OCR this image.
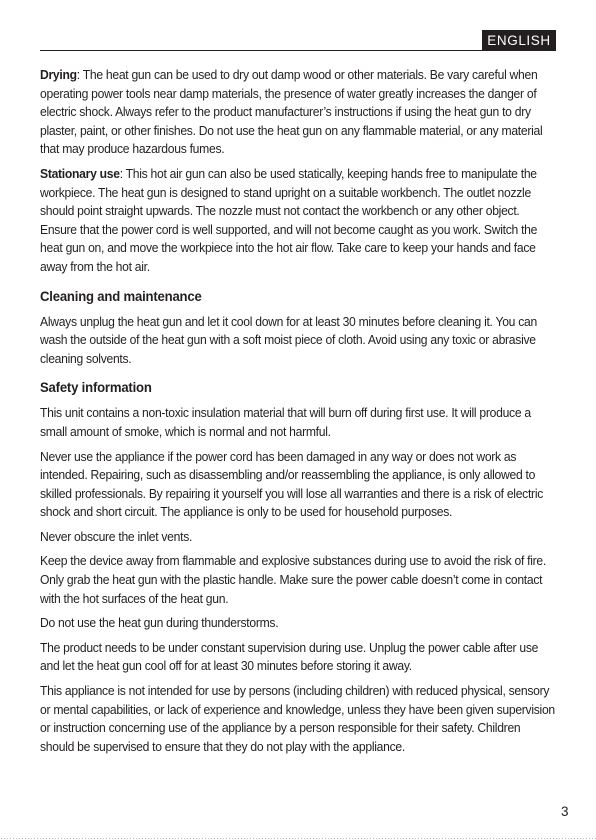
ENGLISH

Drying: The heat gun can be used to dry out damp wood or other materials. Be vary careful when operating power tools near damp materials, the presence of water greatly increases the danger of electric shock. Always refer to the product manufacturer’s instructions if using the heat gun to dry plaster, paint, or other finishes. Do not use the heat gun on any flammable material, or any material that may produce hazardous fumes.

Stationary use: This hot air gun can also be used statically, keeping hands free to manipulate the workpiece. The heat gun is designed to stand upright on a suitable workbench. The outlet nozzle should point straight upwards. The nozzle must not contact the workbench or any other object. Ensure that the power cord is well supported, and will not become caught as you work. Switch the heat gun on, and move the workpiece into the hot air flow. Take care to keep your hands and face away from the hot air.

Cleaning and maintenance

Always unplug the heat gun and let it cool down for at least 30 minutes before cleaning it. You can wash the outside of the heat gun with a soft moist piece of cloth. Avoid using any toxic or abrasive cleaning solvents.

Safety information

This unit contains a non-toxic insulation material that will burn off during first use. It will produce a small amount of smoke, which is normal and not harmful.

Never use the appliance if the power cord has been damaged in any way or does not work as intended. Repairing, such as disassembling and/or reassembling the appliance, is only allowed to skilled professionals. By repairing it yourself you will lose all warranties and there is a risk of electric shock and short circuit. The appliance is only to be used for household purposes.

Never obscure the inlet vents.

Keep the device away from flammable and explosive substances during use to avoid the risk of fire. Only grab the heat gun with the plastic handle. Make sure the power cable doesn’t come in contact with the hot surfaces of the heat gun.

Do not use the heat gun during thunderstorms.

The product needs to be under constant supervision during use. Unplug the power cable after use and let the heat gun cool off for at least 30 minutes before storing it away.

This appliance is not intended for use by persons (including children) with reduced physical, sensory or mental capabilities, or lack of experience and knowledge, unless they have been given supervision or instruction concerning use of the appliance by a person responsible for their safety. Children should be supervised to ensure that they do not play with the appliance.

3
